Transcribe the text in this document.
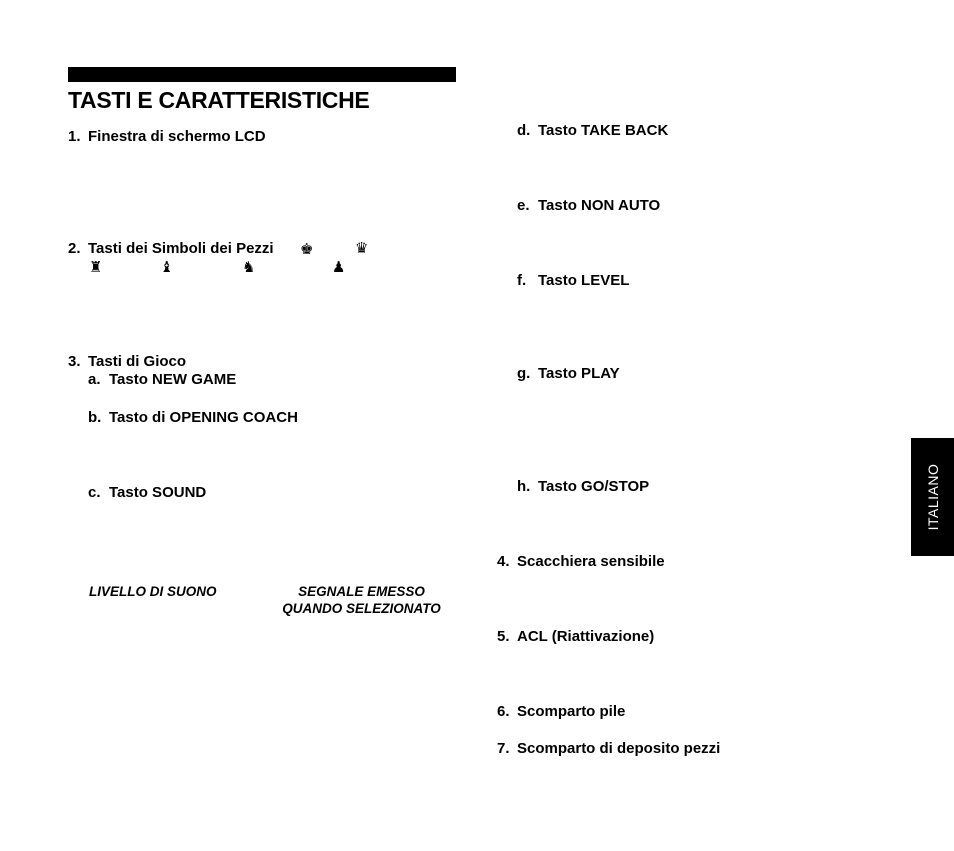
TASTI E CARATTERISTICHE
1. Finestra di schermo LCD
2. Tasti dei Simboli dei Pezzi ♚	♛
♜	♝	♞	♟
3. Tasti di Gioco
a. Tasto NEW GAME
b. Tasto di OPENING COACH
c. Tasto SOUND
LIVELLO DI SUONO	SEGNALE EMESSO
QUANDO SELEZIONATO
d. Tasto TAKE BACK
e. Tasto NON AUTO
f. Tasto LEVEL
g. Tasto PLAY
h. Tasto GO/STOP
4. Scacchiera sensibile
5. ACL (Riattivazione)
6. Scomparto pile
7. Scomparto di deposito pezzi
ITALIANO
